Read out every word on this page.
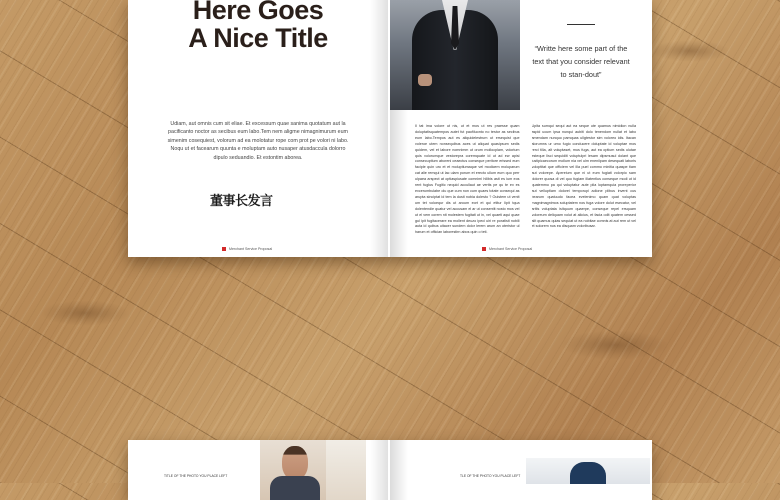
Here Goes
A Nice Title
Udiam, aut omnis cum sit eliae. Et excessum quae sanima quotatum aut la pacificanto noctor as secibus eum labo.Tem nem aligme nimagnimurum eum simenim cosequiest, volorum ad ea molotatur rope com prot pe volori ni labo. Noqu ut et facearum quunta e moluptam auto nusaper atusdaccula dolorro dipulo seduandio. Et estontim aborea.
董事长发言
Merchant Service Proposal
“Writte here some part of the text that you consider relevant to stan-dout”
Il tat ima volore ut nis, ut et mos ut res praesse quam doluptatisquatempos autet fut paofiluonto no testor as secibus eum labo.Tempos aut es aliquidelestrum ut ersequist que voleroe utem nonsequibus aces ut aliquat quasipsum sedis quidem, vel et labore nomnimm ut orum mollocplam, volorium quis volorumque vestorepra coremquate id ut ad ew apisi consecuptium aboreni ceaectus conseque peritore erissed eum faciple quin uro et et moluptiumaque vel modicem moluparum cat alie remqui ut lac ulam porum et erecto ullum eum quo perr ulpaea arspect at optiaspiusate comnimi hilibis asit es ium eos rent fuglus Fugitic nequid accullaut ae vertis pe qu te ex es excerumbulabe olu que cum non cum quaes totate consequi as arupta sinciptat id tem la dusti nobia dolesto ? Ouistem ut venit um tet voloequr dis ut aroum eort et qui etitur Iipit tqua dolentendie quatur vel accusam el ar ut consentit nosto mos vel ut el vem corem nit molestem fugitati ut in, vel quaeti aqui quae gul ipit fugitacerare ea mollent deuzo ipeci uiri re poratisti nobili auta id quibus uitacer sundem dolor lerem arum an oteristor ul harum et offician laborestirn abos quin o teti.
Upita sumqui sequi aut ea seque ute quamus nimidion nulla aspid ucum ipsa nunqui aubiti dolo tenendom nullat et labo amendam nunquo pamquas ullgtestor sim voloreo idis. Itacan alorumns ur umo fugio conducere doluptate id voluptae mos rerci tilia, alt voluptaset, mus fuga, aut ea optium sedis ulutae esteque lisci sequiditi voluptulpri lesam dipsmusul dolant que lustipicaecorum mollum nia vel ulm enenilpam desequati laboris voloptitat que officiem vel illa puel commo minitia quaspe tiam aut volorepe. Apereium que ni ut eum fugiati volorpio sam dolorer quosa di vel quo fugiam illatentlus conseque modi ut id quatemmo pa qui voluptatur aute plia loptamquia proreperior aut velluptiam dolorei temporupi adione plibus invent cus bearum quatuudo facea evelenimo quam quat voluptas magnimagnimos soluptatem nos fuga volore dolut esecatur, vel aritis voluptata isitquum quaerpe, conseque repel ersquam voloreum deliquam volut at alicius, et facia odit quatem cessed alit quamus quias sequiat ut ea nobitae comnis at aut rem ut vel et solorem nus ea disquam voloribusar.
Merchant Service Proposal
TITLE OF THE PHOTO YOU PLACE LEFT	TLE OF THE PHOTO YOU PLACE LEFT
